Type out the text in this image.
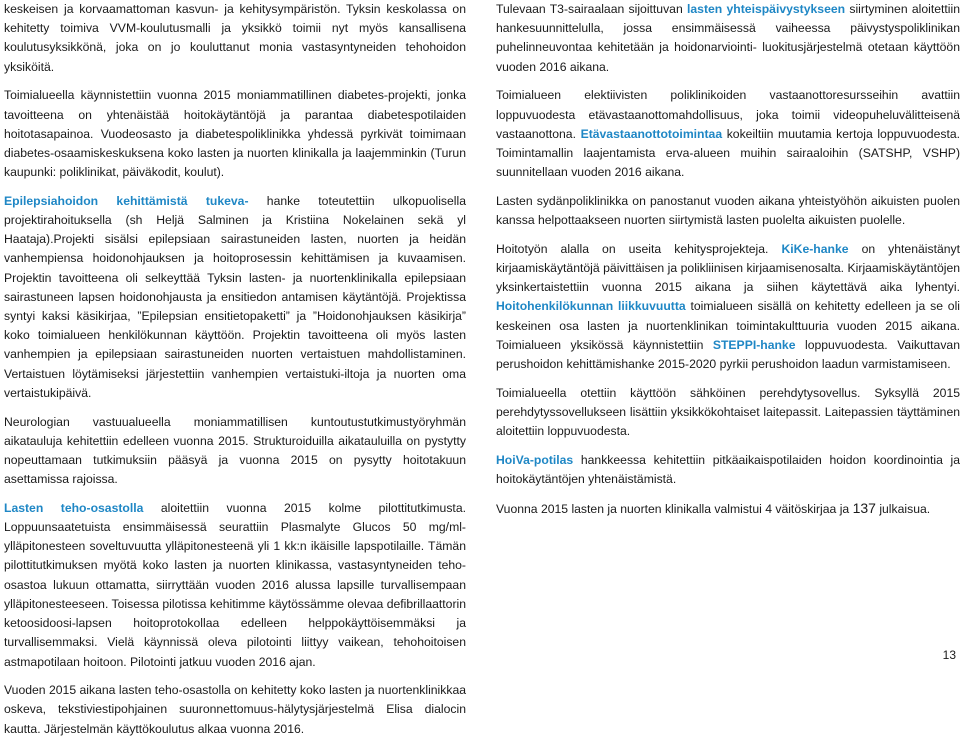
keskeisen ja korvaamattoman kasvun- ja kehitysympäristön. Tyksin keskolassa on kehitetty toimiva VVM-koulutusmalli ja yksikkö toimii nyt myös kansallisena koulutusyksikkönä, joka on jo kouluttanut monia vastasyntyneiden tehohoidon yksiköitä.

Toimialueella käynnistettiin vuonna 2015 moniammatillinen diabetes-projekti, jonka tavoitteena on yhtenäistää hoitokäytäntöjä ja parantaa diabetespotilaiden hoitotasapainoa. Vuodeosasto ja diabetespoliklinikka yhdessä pyrkivät toimimaan diabetes-osaamiskeskuksena koko lasten ja nuorten klinikalla ja laajemminkin (Turun kaupunki: poliklinikat, päiväkodit, koulut).

Epilepsiahoidon kehittämistä tukeva- hanke toteutettiin ulkopuolisella projektirahoituksella (sh Heljä Salminen ja Kristiina Nokelainen sekä yl Haataja).Projekti sisälsi epilepsiaan sairastuneiden lasten, nuorten ja heidän vanhempiensa hoidonohjauksen ja hoitoprosessin kehittämisen ja kuvaamisen. Projektin tavoitteena oli selkeyttää Tyksin lasten- ja nuortenklinikalla epilepsiaan sairastuneen lapsen hoidonohjausta ja ensitiedon antamisen käytäntöjä. Projektissa syntyi kaksi käsikirjaa, ”Epilepsian ensitietopaketti” ja ”Hoidonohjauksen käsikirja” koko toimialueen henkilökunnan käyttöön. Projektin tavoitteena oli myös lasten vanhempien ja epilepsiaan sairastuneiden nuorten vertaistuen mahdollistaminen. Vertaistuen löytämiseksi järjestettiin vanhempien vertaistuki-iltoja ja nuorten oma vertaistukipäivä.

Neurologian vastuualueella moniammatillisen kuntoutustutkimustyöryhmän aikatauluja kehitettiin edelleen vuonna 2015. Strukturoiduilla aikatauluilla on pystytty nopeuttamaan tutkimuksiin pääsyä ja vuonna 2015 on pysytty hoitotakuun asettamissa rajoissa.

Lasten teho-osastolla aloitettiin vuonna 2015 kolme pilottitutkimusta. Loppuunsaatetuista ensimmäisessä seurattiin Plasmalyte Glucos 50 mg/ml-ylläpitonesteen soveltuvuutta ylläpitonesteenä yli 1 kk:n ikäisille lapspotilaille. Tämän pilottitutkimuksen myötä koko lasten ja nuorten klinikassa, vastasyntyneiden teho-osastoa lukuun ottamatta, siirryttään vuoden 2016 alussa lapsille turvallisempaan ylläpitonesteeseen. Toisessa pilotissa kehitimme käytössämme olevaa defibrillaattorin ketoosidoosi-lapsen hoitoprotokollaa edelleen helppokäyttöisemmäksi ja turvallisemmaksi. Vielä käynnissä oleva pilotointi liittyy vaikean, tehohoitoisen astmapotilaan hoitoon. Pilotointi jatkuu vuoden 2016 ajan.

Vuoden 2015 aikana lasten teho-osastolla on kehitetty koko lasten ja nuortenklinikkaa oskeva, tekstiviestipohjainen suuronnettomuus-hälytysjärjestelmä Elisa dialocin kautta. Järjestelmän käyttökoulutus alkaa vuonna 2016.

Tulevaan T3-sairaalaan sijoittuvan lasten yhteispäivystykseen siirtyminen aloitettiin hankesuunnittelulla, jossa ensimmäisessä vaiheessa päivystyspoliklinikan puhelinneuvontaa kehitetään ja hoidonarviointi- luokitusjärjestelmä otetaan käyttöön vuoden 2016 aikana.

Toimialueen elektiivisten poliklinikoiden vastaanottoresursseihin avattiin loppuvuodesta etävastaanottomahdollisuus, joka toimii videopuheluvälitteisenä vastaanottona. Etävastaanottotoimintaa kokeiltiin muutamia kertoja loppuvuodesta. Toimintamallin laajentamista erva-alueen muihin sairaaloihin (SATSHP, VSHP) suunnitellaan vuoden 2016 aikana.

Lasten sydänpoliklinikka on panostanut vuoden aikana yhteistyöhön aikuisten puolen kanssa helpottaakseen nuorten siirtymistä lasten puolelta aikuisten puolelle.

Hoitotyön alalla on useita kehitysprojekteja. KiKe-hanke on yhtenäistänyt kirjaamiskäytäntöjä päivittäisen ja polikliinisen kirjaamisenosalta. Kirjaamiskäytäntöjen yksinkertaistettiin vuonna 2015 aikana ja siihen käytettävä aika lyhentyi. Hoitohenkilökunnan liikkuvuutta toimialueen sisällä on kehitetty edelleen ja se oli keskeinen osa lasten ja nuortenklinikan toimintakulttuuria vuoden 2015 aikana. Toimialueen yksikössä käynnistettiin STEPPI-hanke loppuvuodesta. Vaikuttavan perushoidon kehittämishanke 2015-2020 pyrkii perushoidon laadun varmistamiseen.

Toimialueella otettiin käyttöön sähköinen perehdytysovellus. Syksyllä 2015 perehdytyssovellukseen lisättiin yksikkökohtaiset laitepassit. Laitepassien täyttäminen aloitettiin loppuvuodesta.

HoiVa-potilas hankkeessa kehitettiin pitkäaikaispotilaiden hoidon koordinointia ja hoitokäytäntöjen yhtenäistämistä.

Vuonna 2015 lasten ja nuorten klinikalla valmistui 4 väitöskirjaa ja 137 julkaisua.

13
